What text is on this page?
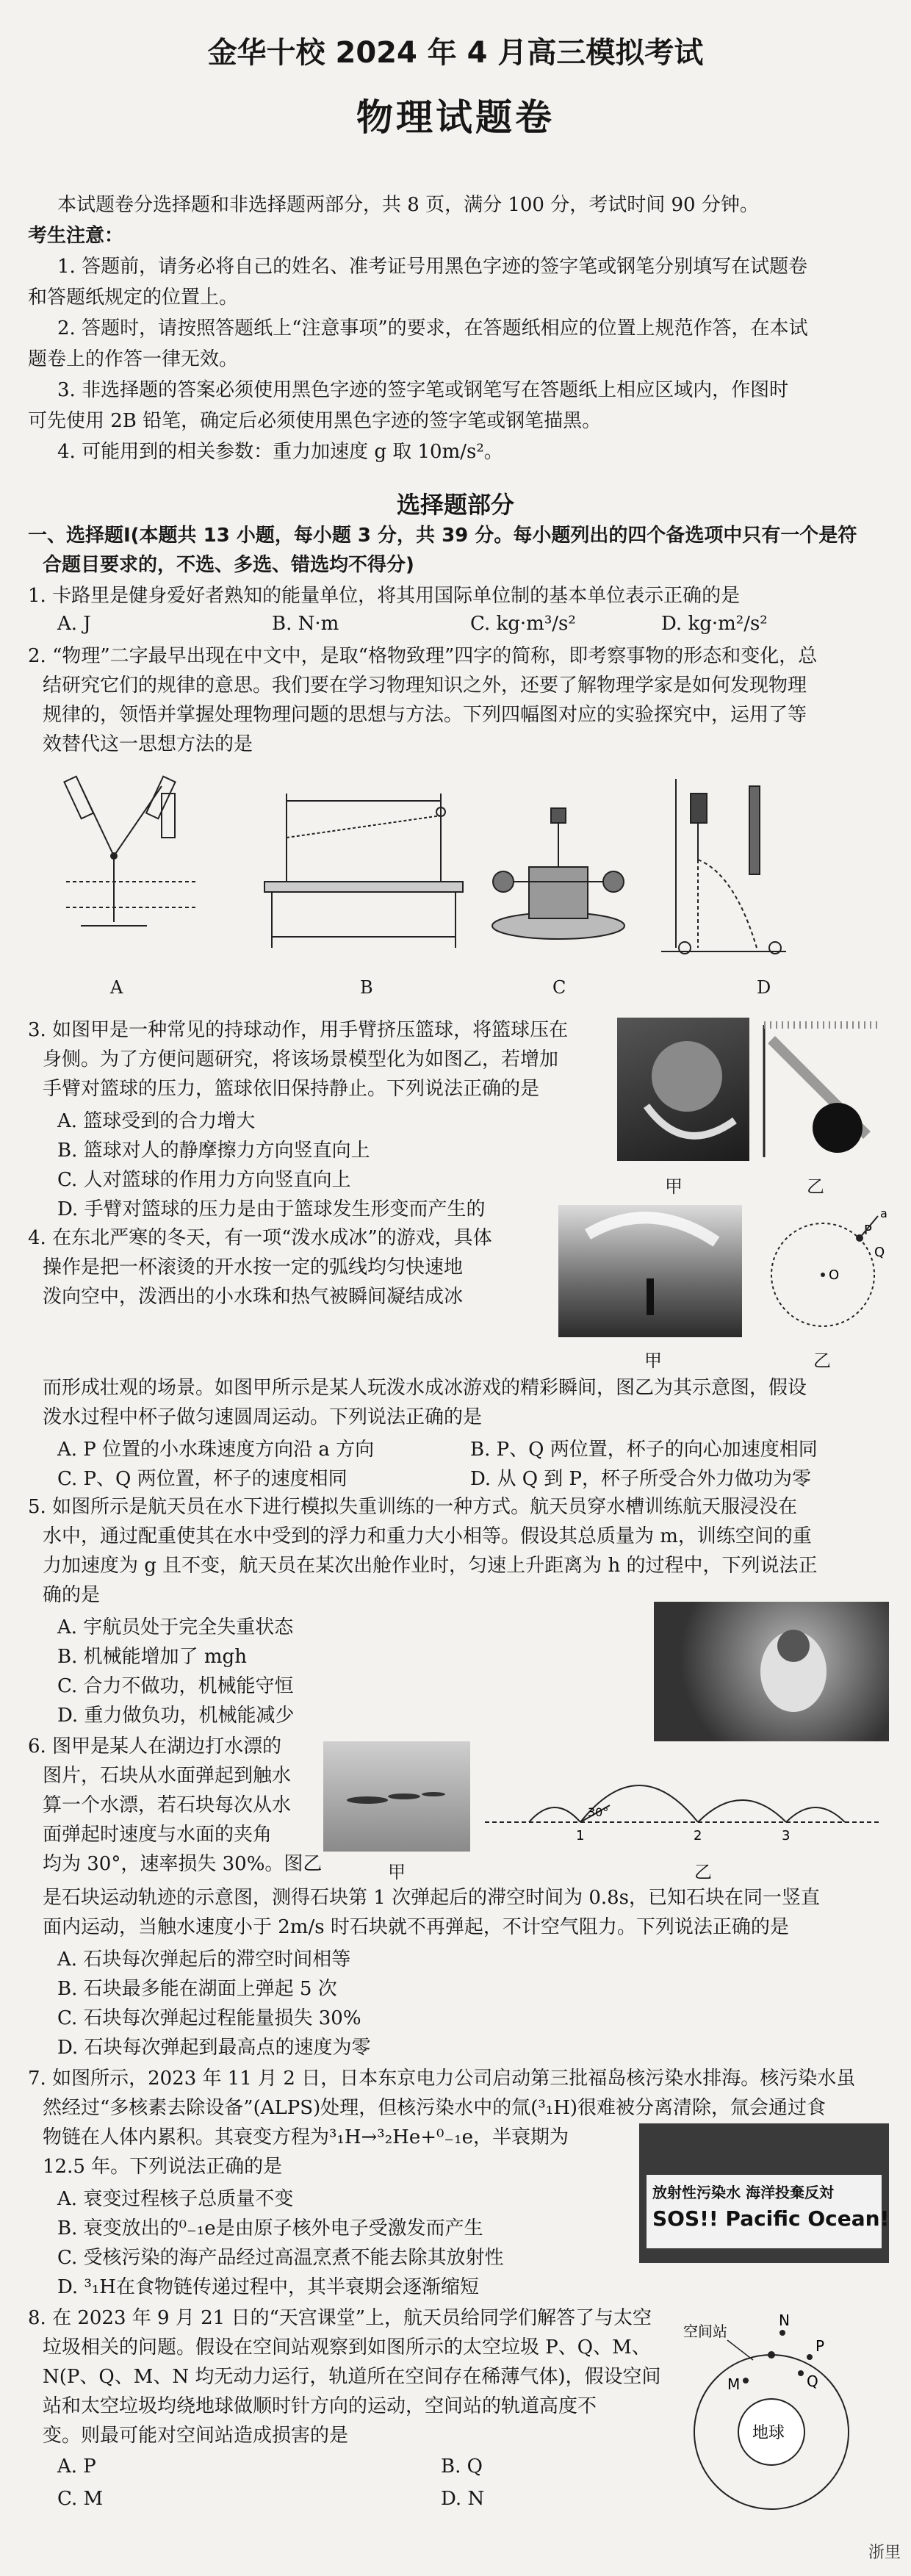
金华十校 2024 年 4 月高三模拟考试
物理试题卷
本试题卷分选择题和非选择题两部分，共 8 页，满分 100 分，考试时间 90 分钟。
考生注意：
1. 答题前，请务必将自己的姓名、准考证号用黑色字迹的签字笔或钢笔分别填写在试题卷
和答题纸规定的位置上。
2. 答题时，请按照答题纸上“注意事项”的要求，在答题纸相应的位置上规范作答，在本试
题卷上的作答一律无效。
3. 非选择题的答案必须使用黑色字迹的签字笔或钢笔写在答题纸上相应区域内，作图时
可先使用 2B 铅笔，确定后必须使用黑色字迹的签字笔或钢笔描黑。
4. 可能用到的相关参数：重力加速度 g 取 10m/s²。
选择题部分
一、选择题Ⅰ(本题共 13 小题，每小题 3 分，共 39 分。每小题列出的四个备选项中只有一个是符
合题目要求的，不选、多选、错选均不得分)
1. 卡路里是健身爱好者熟知的能量单位，将其用国际单位制的基本单位表示正确的是
A. J	B. N·m	C. kg·m³/s²	D. kg·m²/s²
2. “物理”二字最早出现在中文中，是取“格物致理”四字的简称，即考察事物的形态和变化，总
结研究它们的规律的意思。我们要在学习物理知识之外，还要了解物理学家是如何发现物理
规律的，领悟并掌握处理物理问题的思想与方法。下列四幅图对应的实验探究中，运用了等
效替代这一思想方法的是
A	B	C	D
3. 如图甲是一种常见的持球动作，用手臂挤压篮球，将篮球压在
身侧。为了方便问题研究，将该场景模型化为如图乙，若增加
手臂对篮球的压力，篮球依旧保持静止。下列说法正确的是
A. 篮球受到的合力增大
B. 篮球对人的静摩擦力方向竖直向上
C. 人对篮球的作用力方向竖直向上
D. 手臂对篮球的压力是由于篮球发生形变而产生的
甲	乙
4. 在东北严寒的冬天，有一项“泼水成冰”的游戏，具体
操作是把一杯滚烫的开水按一定的弧线均匀快速地
泼向空中，泼洒出的小水珠和热气被瞬间凝结成冰
O
P
Q
a
甲	乙
而形成壮观的场景。如图甲所示是某人玩泼水成冰游戏的精彩瞬间，图乙为其示意图，假设
泼水过程中杯子做匀速圆周运动。下列说法正确的是
A. P 位置的小水珠速度方向沿 a 方向	B. P、Q 两位置，杯子的向心加速度相同
C. P、Q 两位置，杯子的速度相同	D. 从 Q 到 P，杯子所受合外力做功为零
5. 如图所示是航天员在水下进行模拟失重训练的一种方式。航天员穿水槽训练航天服浸没在
水中，通过配重使其在水中受到的浮力和重力大小相等。假设其总质量为 m，训练空间的重
力加速度为 g 且不变，航天员在某次出舱作业时，匀速上升距离为 h 的过程中，下列说法正
确的是
A. 宇航员处于完全失重状态
B. 机械能增加了 mgh
C. 合力不做功，机械能守恒
D. 重力做负功，机械能减少
6. 图甲是某人在湖边打水漂的
图片，石块从水面弹起到触水
算一个水漂，若石块每次从水
面弹起时速度与水面的夹角
均为 30°，速率损失 30%。图乙	甲
30°
1	2	3
乙
是石块运动轨迹的示意图，测得石块第 1 次弹起后的滞空时间为 0.8s，已知石块在同一竖直
面内运动，当触水速度小于 2m/s 时石块就不再弹起，不计空气阻力。下列说法正确的是
A. 石块每次弹起后的滞空时间相等
B. 石块最多能在湖面上弹起 5 次
C. 石块每次弹起过程能量损失 30%
D. 石块每次弹起到最高点的速度为零
7. 如图所示，2023 年 11 月 2 日，日本东京电力公司启动第三批福岛核污染水排海。核污染水虽
然经过“多核素去除设备”(ALPS)处理，但核污染水中的氚(³₁H)很难被分离清除，氚会通过食
物链在人体内累积。其衰变方程为³₁H→³₂He+⁰₋₁e，半衰期为
12.5 年。下列说法正确的是
A. 衰变过程核子总质量不变
B. 衰变放出的⁰₋₁e是由原子核外电子受激发而产生
C. 受核污染的海产品经过高温烹煮不能去除其放射性
D. ³₁H在食物链传递过程中，其半衰期会逐渐缩短
放射性污染水 海洋投棄反対
SOS!! Pacific Ocean!
8. 在 2023 年 9 月 21 日的“天宫课堂”上，航天员给同学们解答了与太空
垃圾相关的问题。假设在空间站观察到如图所示的太空垃圾 P、Q、M、
N(P、Q、M、N 均无动力运行，轨道所在空间存在稀薄气体)，假设空间
站和太空垃圾均绕地球做顺时针方向的运动，空间站的轨道高度不
变。则最可能对空间站造成损害的是
A. P	B. Q
C. M	D. N
地球
空间站
N
P
Q
M
浙里
